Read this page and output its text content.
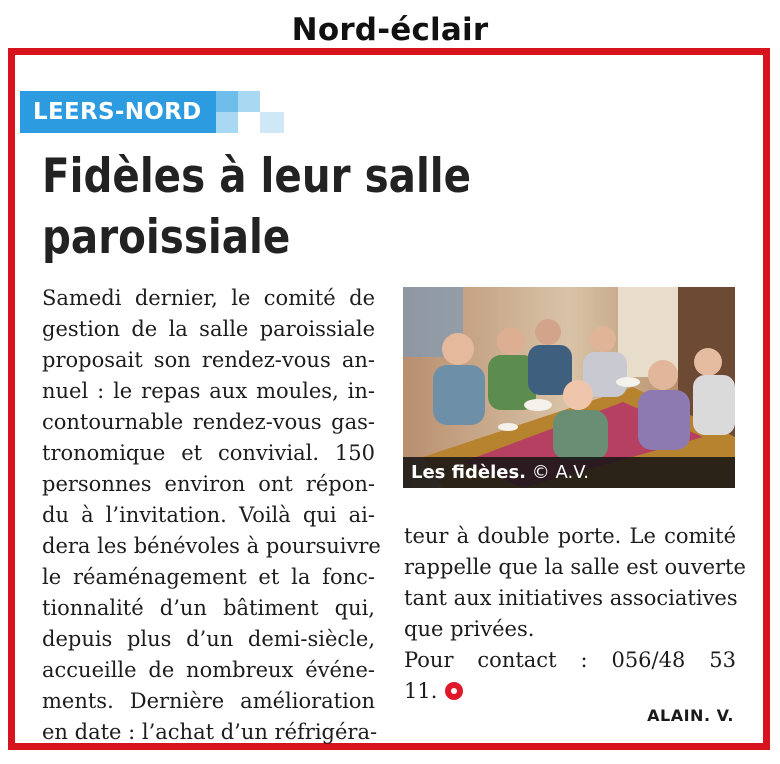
Nord-éclair
LEERS-NORD
Fidèles à leur salle
paroissiale
Samedi dernier, le comité de
gestion de la salle paroissiale
proposait son rendez-vous an-
nuel : le repas aux moules, in-
contournable rendez-vous gas-
tronomique et convivial. 150
personnes environ ont répon-
du à l’invitation. Voilà qui ai-
dera les bénévoles à poursuivre
le réaménagement et la fonc-
tionnalité d’un bâtiment qui,
depuis plus d’un demi-siècle,
accueille de nombreux événe-
ments. Dernière amélioration
en date : l’achat d’un réfrigéra-
Les fidèles. © A.V.
teur à double porte. Le comité
rappelle que la salle est ouverte
tant aux initiatives associatives
que privées.
Pour contact : 056/48 53
11.
ALAIN. V.
